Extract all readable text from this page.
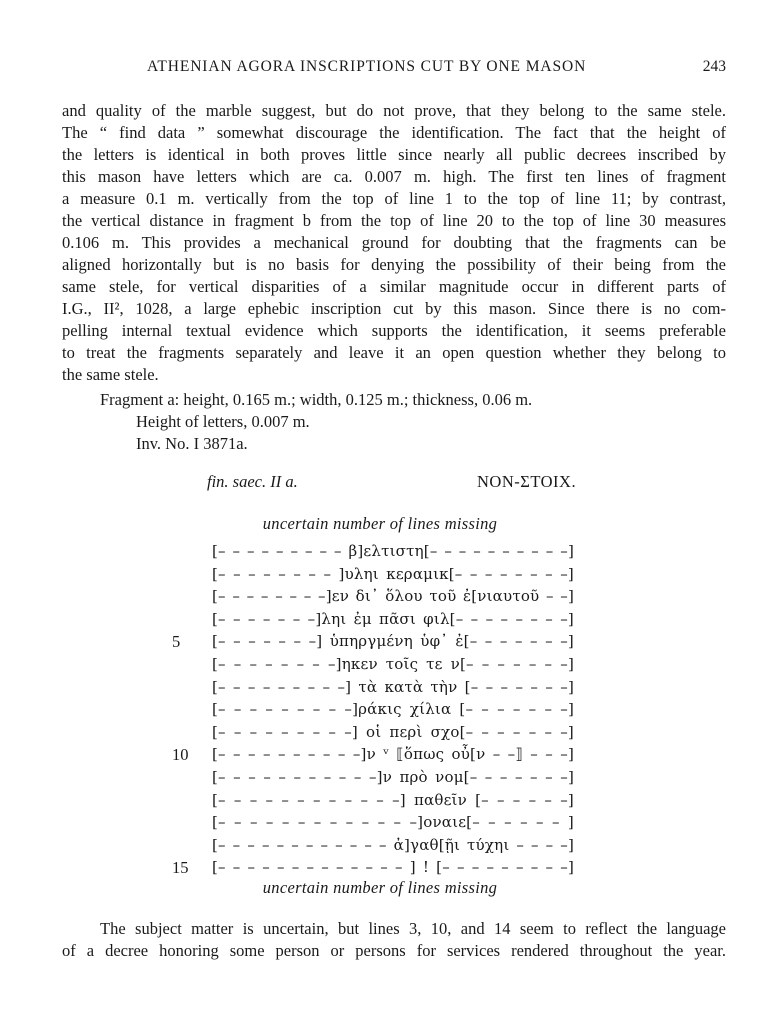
ATHENIAN AGORA INSCRIPTIONS CUT BY ONE MASON	243
and quality of the marble suggest, but do not prove, that they belong to the same stele.
The “ find data ” somewhat discourage the identification. The fact that the height of
the letters is identical in both proves little since nearly all public decrees inscribed by
this mason have letters which are ca. 0.007 m. high. The first ten lines of fragment
a measure 0.1 m. vertically from the top of line 1 to the top of line 11; by contrast,
the vertical distance in fragment b from the top of line 20 to the top of line 30 measures
0.106 m. This provides a mechanical ground for doubting that the fragments can be
aligned horizontally but is no basis for denying the possibility of their being from the
same stele, for vertical disparities of a similar magnitude occur in different parts of
I.G., II², 1028, a large ephebic inscription cut by this mason. Since there is no com-
pelling internal textual evidence which supports the identification, it seems preferable
to treat the fragments separately and leave it an open question whether they belong to
the same stele.
Fragment a: height, 0.165 m.; width, 0.125 m.; thickness, 0.06 m.
Height of letters, 0.007 m.
Inv. No. I 3871a.
fin. saec. II a.	NON-ΣTOIX.
uncertain number of lines missing
[– – – – – – – – – β]ελτιστη[– – – – – – – – – –]
[– – – – – – – – ]υληι κεραμικ[– – – – – – – –]
[– – – – – – – –]εν δι᾽ ὅλου τοῦ ἐ[νιαυτοῦ – –]
[– – – – – – –]ληι ἐμ πᾶσι φιλ[– – – – – – – –]
5	[– – – – – – –] ὑπηργμένη ὑφ᾽ ἐ[– – – – – – –]
[– – – – – – – –]ηκεν τοῖς τε ν[– – – – – – –]
[– – – – – – – – –] τὰ κατὰ τὴν [– – – – – – –]
[– – – – – – – – –]ράκις χίλια [– – – – – – –]
[– – – – – – – – –] οἱ περὶ σχο[– – – – – – –]
10	[– – – – – – – – – –]ν ᵛ ⟦ὅπως οὖ[ν – –⟧ – – –]
[– – – – – – – – – – –]ν πρὸ νομ[– – – – – – –]
[– – – – – – – – – – – –] παθεῖν [– – – – – –]
[– – – – – – – – – – – – –]οναιε[– – – – – – ]
[– – – – – – – – – – – – ἀ]γαθ[ῇι τύχηι – – – –]
15	[– – – – – – – – – – – – – ] ! [– – – – – – – – –]
uncertain number of lines missing
The subject matter is uncertain, but lines 3, 10, and 14 seem to reflect the language
of a decree honoring some person or persons for services rendered throughout the year.
